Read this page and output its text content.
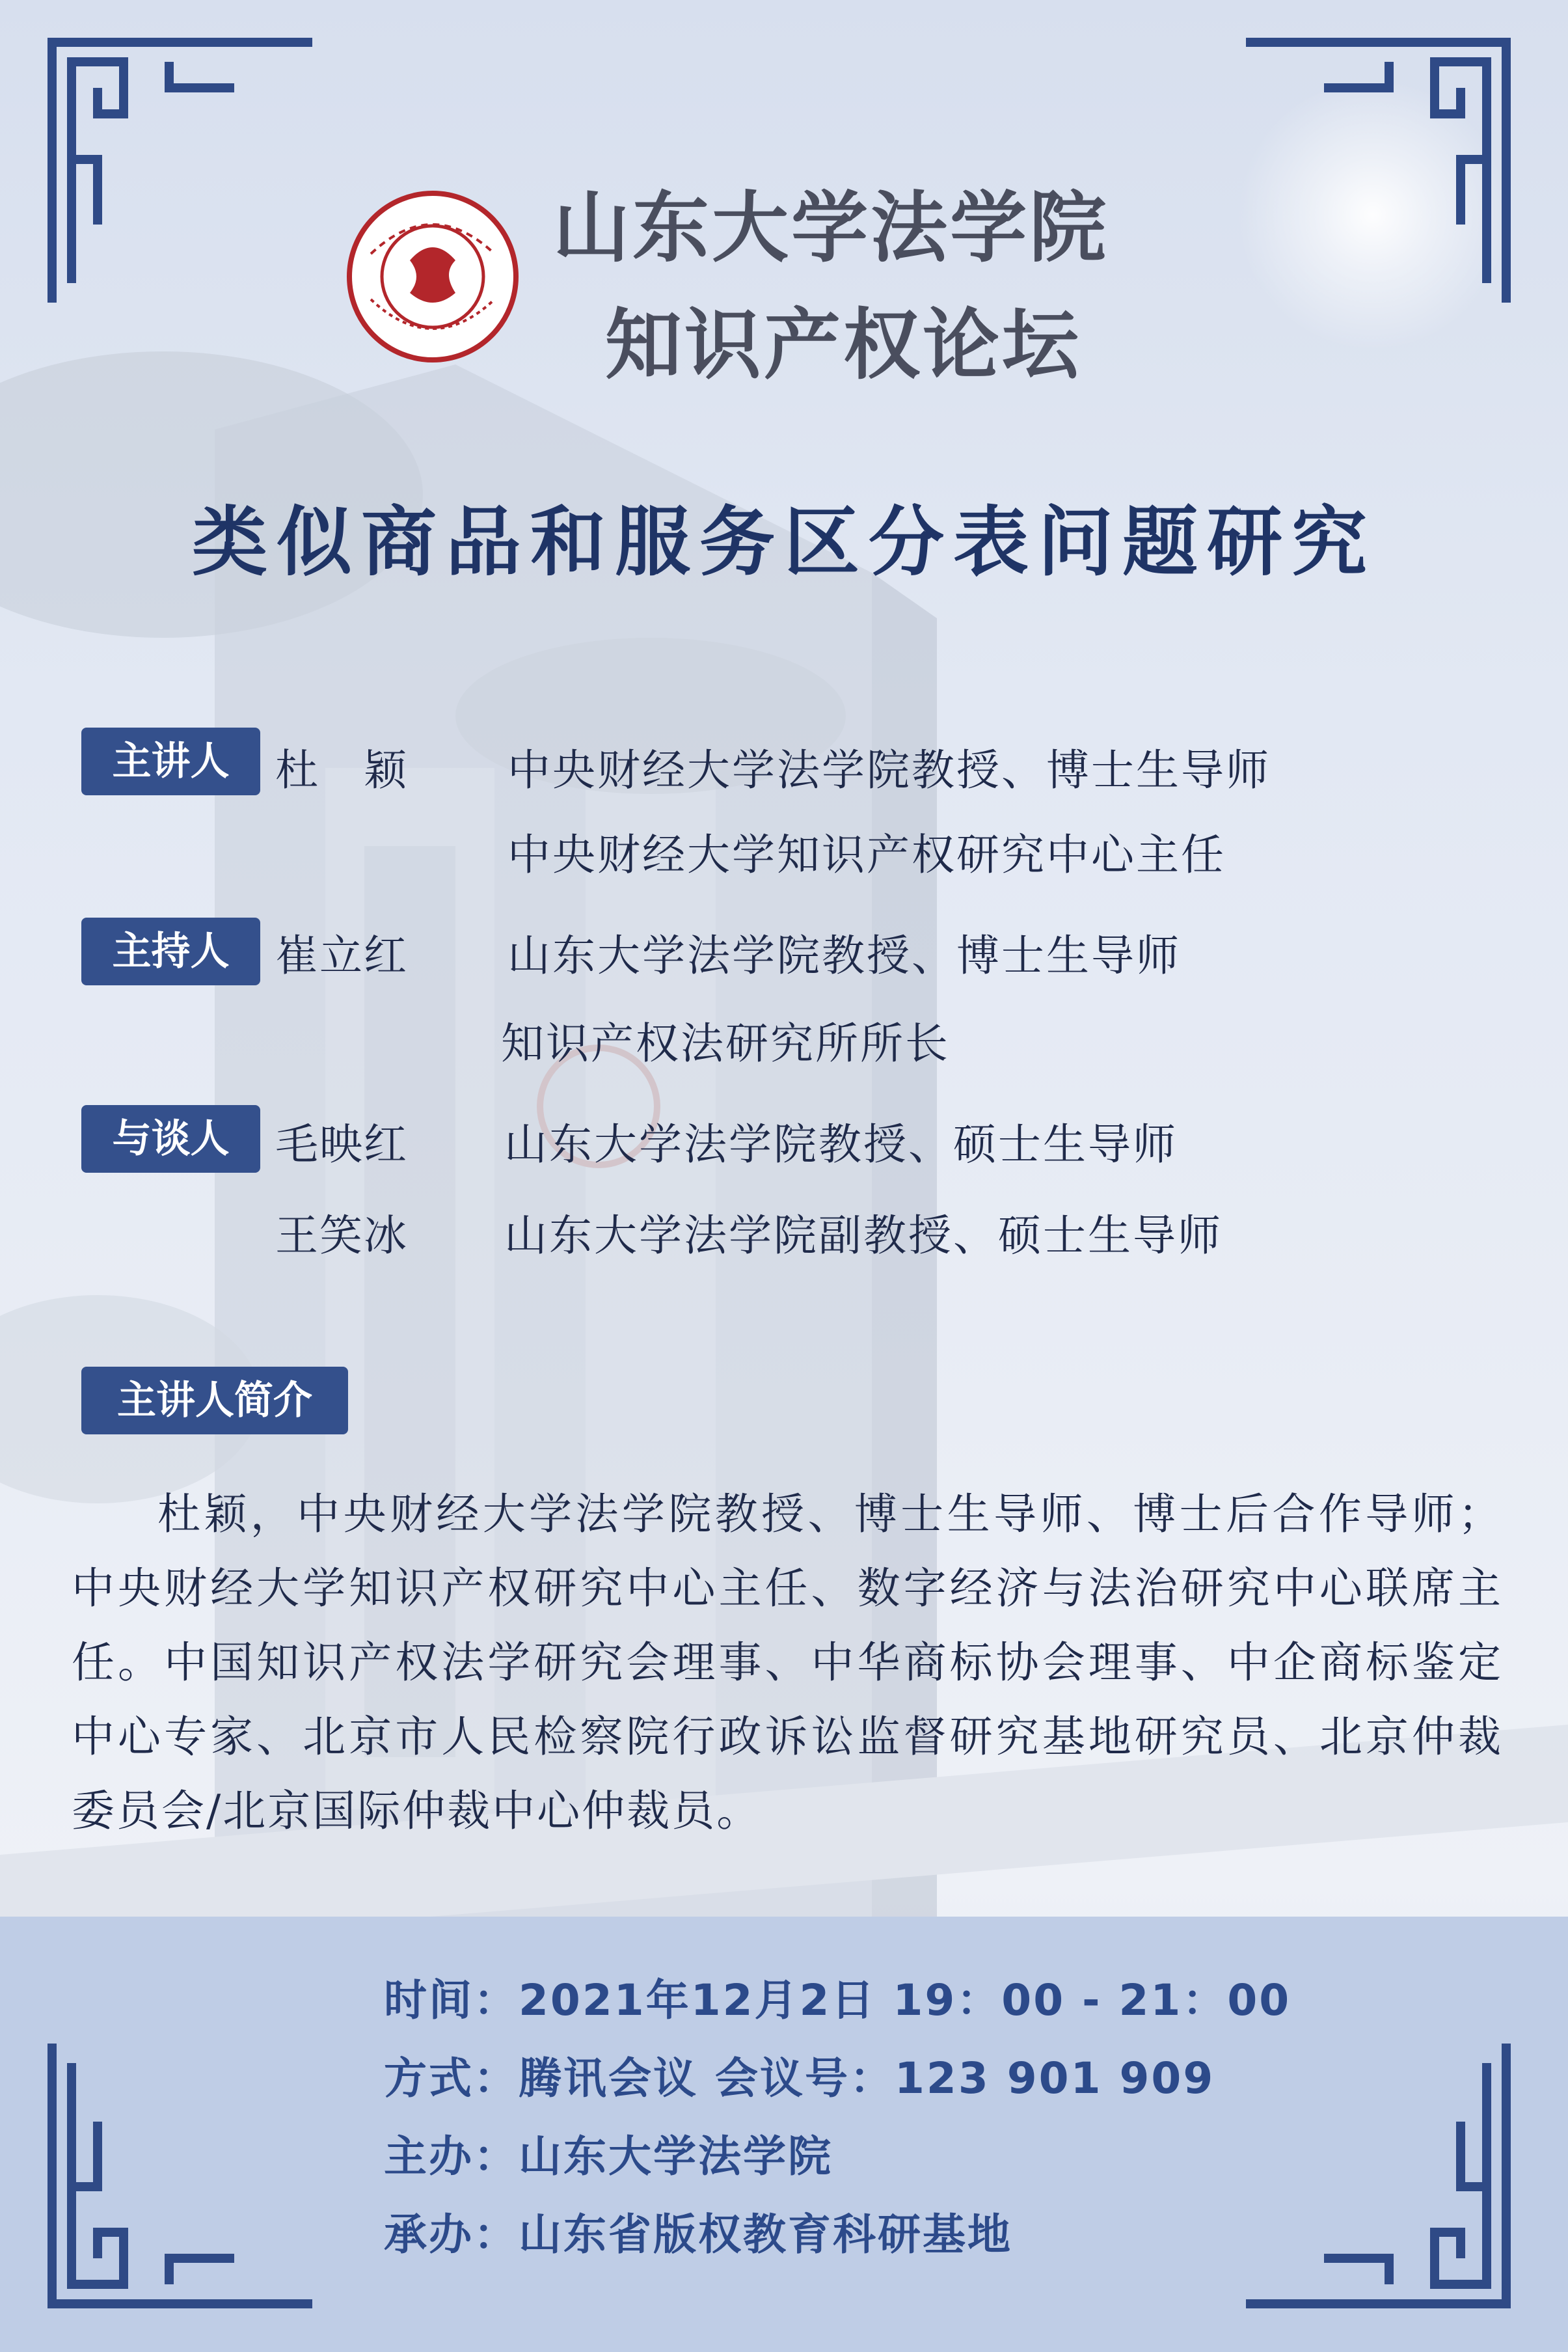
山东大学法学院
知识产权论坛
类似商品和服务区分表问题研究
主讲人	杜　颖	中央财经大学法学院教授、博士生导师
中央财经大学知识产权研究中心主任
主持人	崔立红	山东大学法学院教授、博士生导师
知识产权法研究所所长
与谈人	毛映红	山东大学法学院教授、硕士生导师
王笑冰	山东大学法学院副教授、硕士生导师
主讲人简介
杜颖，中央财经大学法学院教授、博士生导师、博士后合作导师；中央财经大学知识产权研究中心主任、数字经济与法治研究中心联席主任。中国知识产权法学研究会理事、中华商标协会理事、中企商标鉴定中心专家、北京市人民检察院行政诉讼监督研究基地研究员、北京仲裁委员会/北京国际仲裁中心仲裁员。
时间：2021年12月2日 19：00 - 21：00
方式：腾讯会议 会议号：123 901 909
主办：山东大学法学院
承办：山东省版权教育科研基地
